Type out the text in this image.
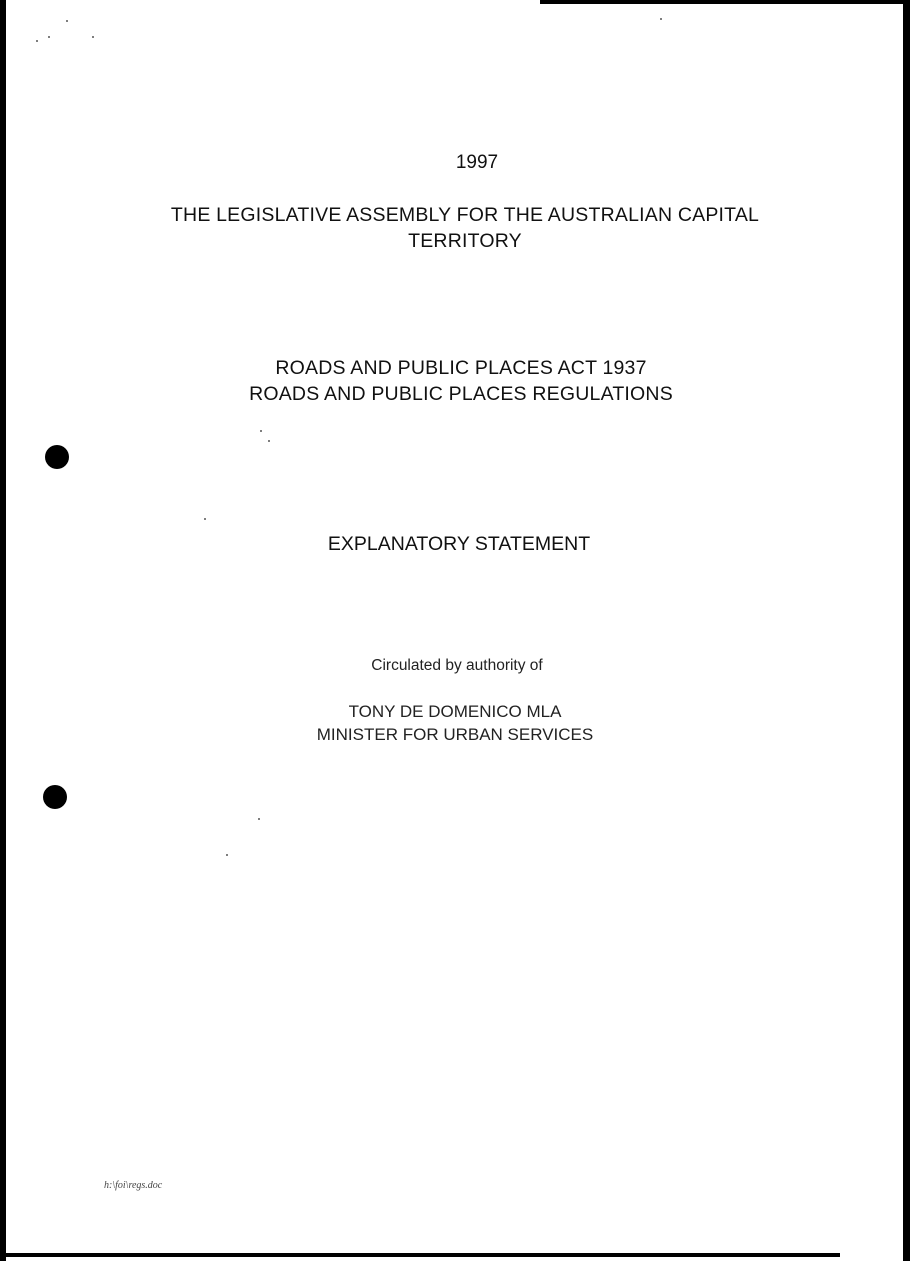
1997
THE LEGISLATIVE ASSEMBLY FOR THE AUSTRALIAN CAPITAL
TERRITORY
ROADS AND PUBLIC PLACES ACT 1937
ROADS AND PUBLIC PLACES REGULATIONS
EXPLANATORY STATEMENT
Circulated by authority of
TONY DE DOMENICO MLA
MINISTER FOR URBAN SERVICES
h:\foi\regs.doc
